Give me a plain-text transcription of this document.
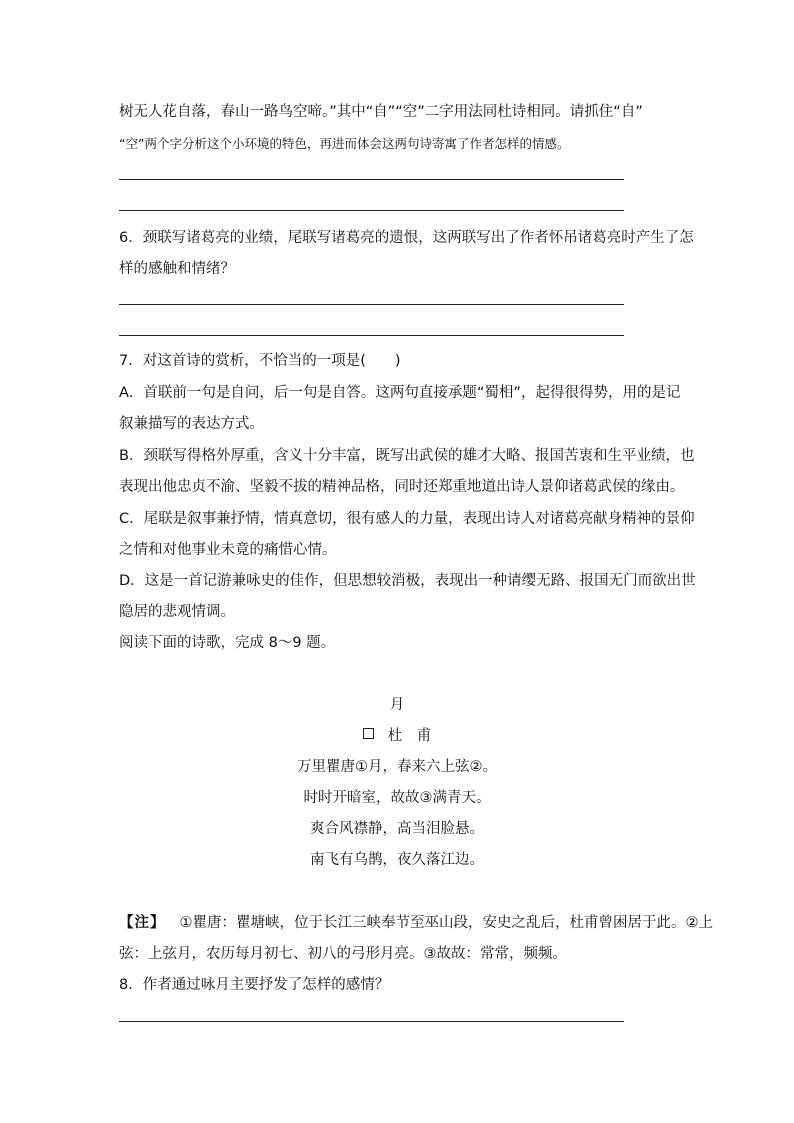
树无人花自落，春山一路鸟空啼。”其中“自”“空”二字用法同杜诗相同。请抓住“自”
“空”两个字分析这个小环境的特色，再进而体会这两句诗寄寓了作者怎样的情感。
6．颈联写诸葛亮的业绩，尾联写诸葛亮的遗恨，这两联写出了作者怀吊诸葛亮时产生了怎
样的感触和情绪？
7．对这首诗的赏析，不恰当的一项是(　　)
A．首联前一句是自问，后一句是自答。这两句直接承题“蜀相”，起得很得势，用的是记
叙兼描写的表达方式。
B．颈联写得格外厚重，含义十分丰富，既写出武侯的雄才大略、报国苦衷和生平业绩，也
表现出他忠贞不渝、坚毅不拔的精神品格，同时还郑重地道出诗人景仰诸葛武侯的缘由。
C．尾联是叙事兼抒情，情真意切，很有感人的力量，表现出诗人对诸葛亮献身精神的景仰
之情和对他事业未竟的痛惜心情。
D．这是一首记游兼咏史的佳作，但思想较消极，表现出一种请缨无路、报国无门而欲出世
隐居的悲观情调。
阅读下面的诗歌，完成 8～9 题。
月
杜　甫
万里瞿唐①月，春来六上弦②。
时时开暗室，故故③满青天。
爽合风襟静，高当泪脸悬。
南飞有乌鹊，夜久落江边。
【注】 ①瞿唐：瞿塘峡，位于长江三峡奉节至巫山段，安史之乱后，杜甫曾困居于此。②上
弦：上弦月，农历每月初七、初八的弓形月亮。③故故：常常，频频。
8．作者通过咏月主要抒发了怎样的感情？
